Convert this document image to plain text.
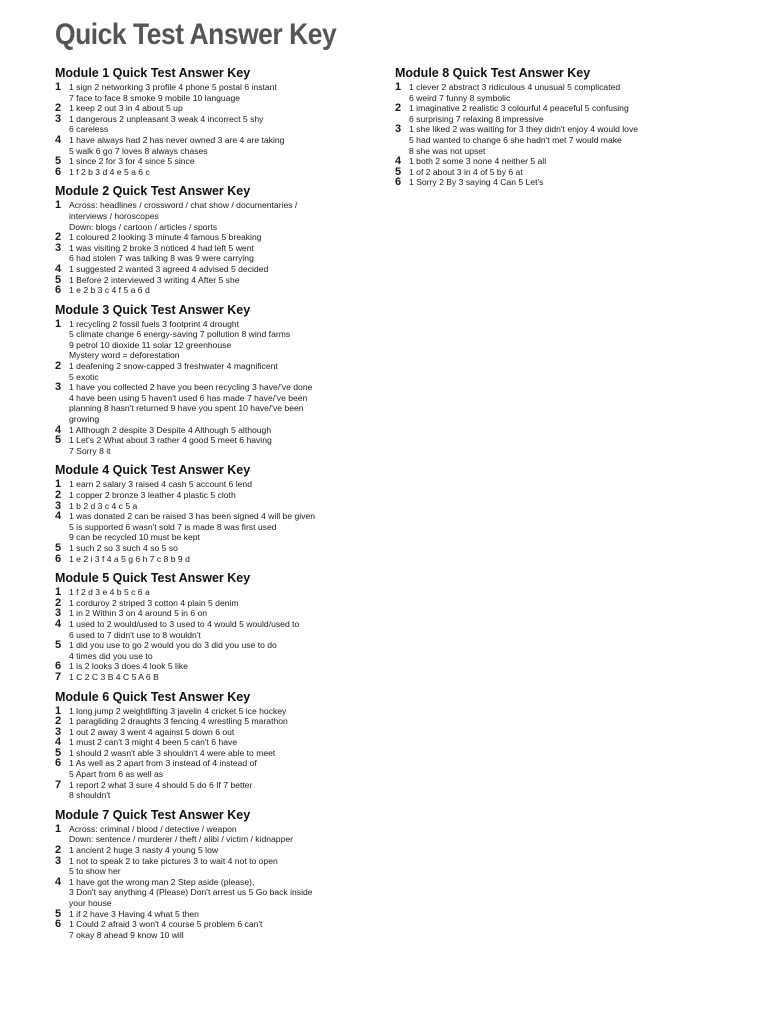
Quick Test Answer Key
Module 1 Quick Test Answer Key
1 1 sign 2 networking 3 profile 4 phone 5 postal 6 instant
7 face to face 8 smoke 9 mobile 10 language
2 1 keep 2 out 3 in 4 about 5 up
3 1 dangerous 2 unpleasant 3 weak 4 incorrect 5 shy
6 careless
4 1 have always had 2 has never owned 3 are 4 are taking
5 walk 6 go 7 loves 8 always chases
5 1 since 2 for 3 for 4 since 5 since
6 1 f 2 b 3 d 4 e 5 a 6 c
Module 2 Quick Test Answer Key
1 Across: headlines / crossword / chat show / documentaries /
interviews / horoscopes
Down: blogs / cartoon / articles / sports
2 1 coloured 2 looking 3 minute 4 famous 5 breaking
3 1 was visiting 2 broke 3 noticed 4 had left 5 went
6 had stolen 7 was talking 8 was 9 were carrying
4 1 suggested 2 wanted 3 agreed 4 advised 5 decided
5 1 Before 2 interviewed 3 writing 4 After 5 she
6 1 e 2 b 3 c 4 f 5 a 6 d
Module 3 Quick Test Answer Key
1 1 recycling 2 fossil fuels 3 footprint 4 drought
5 climate change 6 energy-saving 7 pollution 8 wind farms
9 petrol 10 dioxide 11 solar 12 greenhouse
Mystery word = deforestation
2 1 deafening 2 snow-capped 3 freshwater 4 magnificent
5 exotic
3 1 have you collected 2 have you been recycling 3 have/'ve done
4 have been using 5 haven't used 6 has made 7 have/'ve been
planning 8 hasn't returned 9 have you spent 10 have/'ve been
growing
4 1 Although 2 despite 3 Despite 4 Although 5 although
5 1 Let's 2 What about 3 rather 4 good 5 meet 6 having
7 Sorry 8 it
Module 4 Quick Test Answer Key
1 1 earn 2 salary 3 raised 4 cash 5 account 6 lend
2 1 copper 2 bronze 3 leather 4 plastic 5 cloth
3 1 b 2 d 3 c 4 c 5 a
4 1 was donated 2 can be raised 3 has been signed 4 will be given
5 is supported 6 wasn't sold 7 is made 8 was first used
9 can be recycled 10 must be kept
5 1 such 2 so 3 such 4 so 5 so
6 1 e 2 i 3 f 4 a 5 g 6 h 7 c 8 b 9 d
Module 5 Quick Test Answer Key
1 1 f 2 d 3 e 4 b 5 c 6 a
2 1 corduroy 2 striped 3 cotton 4 plain 5 denim
3 1 in 2 Within 3 on 4 around 5 in 6 on
4 1 used to 2 would/used to 3 used to 4 would 5 would/used to
6 used to 7 didn't use to 8 wouldn't
5 1 did you use to go 2 would you do 3 did you use to do
4 times did you use to
6 1 is 2 looks 3 does 4 look 5 like
7 1 C 2 C 3 B 4 C 5 A 6 B
Module 6 Quick Test Answer Key
1 1 long jump 2 weightlifting 3 javelin 4 cricket 5 ice hockey
2 1 paragliding 2 draughts 3 fencing 4 wrestling 5 marathon
3 1 out 2 away 3 went 4 against 5 down 6 out
4 1 must 2 can't 3 might 4 been 5 can't 6 have
5 1 should 2 wasn't able 3 shouldn't 4 were able to meet
6 1 As well as 2 apart from 3 instead of 4 instead of
5 Apart from 6 as well as
7 1 report 2 what 3 sure 4 should 5 do 6 If 7 better
8 shouldn't
Module 7 Quick Test Answer Key
1 Across: criminal / blood / detective / weapon
Down: sentence / murderer / theft / alibi / victim / kidnapper
2 1 ancient 2 huge 3 nasty 4 young 5 low
3 1 not to speak 2 to take pictures 3 to wait 4 not to open
5 to show her
4 1 have got the wrong man 2 Step aside (please),
3 Don't say anything 4 (Please) Don't arrest us 5 Go back inside
your house
5 1 if 2 have 3 Having 4 what 5 then
6 1 Could 2 afraid 3 won't 4 course 5 problem 6 can't
7 okay 8 ahead 9 know 10 will
Module 8 Quick Test Answer Key
1 1 clever 2 abstract 3 ridiculous 4 unusual 5 complicated
6 weird 7 funny 8 symbolic
2 1 imaginative 2 realistic 3 colourful 4 peaceful 5 confusing
6 surprising 7 relaxing 8 impressive
3 1 she liked 2 was waiting for 3 they didn't enjoy 4 would love
5 had wanted to change 6 she hadn't met 7 would make
8 she was not upset
4 1 both 2 some 3 none 4 neither 5 all
5 1 of 2 about 3 in 4 of 5 by 6 at
6 1 Sorry 2 By 3 saying 4 Can 5 Let's
